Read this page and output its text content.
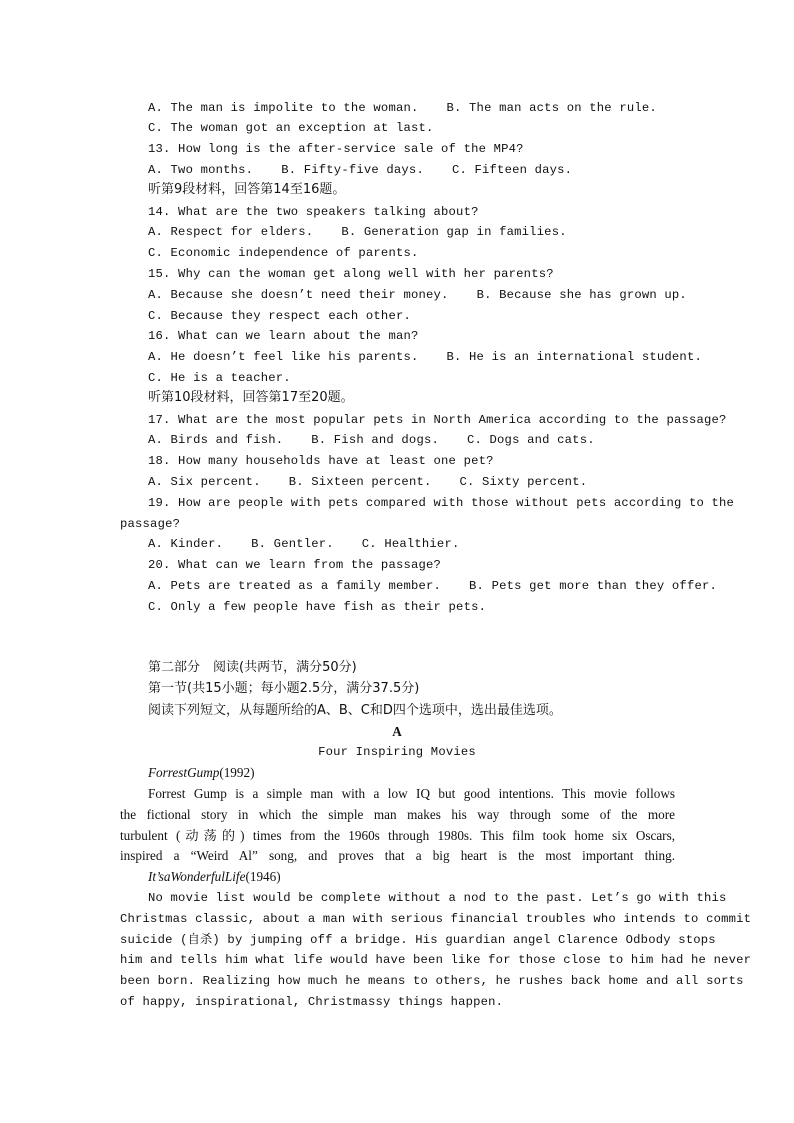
A. The man is impolite to the woman. B. The man acts on the rule.
C. The woman got an exception at last.
13. How long is the after-service sale of the MP4?
A. Two months. B. Fifty-five days. C. Fifteen days.
听第9段材料，回答第14至16题。
14. What are the two speakers talking about?
A. Respect for elders. B. Generation gap in families.
C. Economic independence of parents.
15. Why can the woman get along well with her parents?
A. Because she doesn’t need their money. B. Because she has grown up.
C. Because they respect each other.
16. What can we learn about the man?
A. He doesn’t feel like his parents. B. He is an international student.
C. He is a teacher.
听第10段材料，回答第17至20题。
17. What are the most popular pets in North America according to the passage?
A. Birds and fish. B. Fish and dogs. C. Dogs and cats.
18. How many households have at least one pet?
A. Six percent. B. Sixteen percent. C. Sixty percent.
19. How are people with pets compared with those without pets according to the
passage?
A. Kinder. B. Gentler. C. Healthier.
20. What can we learn from the passage?
A. Pets are treated as a family member. B. Pets get more than they offer.
C. Only a few people have fish as their pets.
第二部分　阅读(共两节，满分50分)
第一节(共15小题；每小题2.5分，满分37.5分)
阅读下列短文，从每题所给的A、B、C和D四个选项中，选出最佳选项。
A
Four Inspiring Movies
ForrestGump(1992)
Forrest Gump is a simple man with a low IQ but good intentions. This movie follows
the fictional story in which the simple man makes his way through some of the more
turbulent (动荡的) times from the 1960s through 1980s. This film took home six Oscars,
inspired a “Weird Al” song, and proves that a big heart is the most important thing.
It’saWonderfulLife(1946)
No movie list would be complete without a nod to the past. Let’s go with this
Christmas classic, about a man with serious financial troubles who intends to commit
suicide (自杀) by jumping off a bridge. His guardian angel Clarence Odbody stops
him and tells him what life would have been like for those close to him had he never
been born. Realizing how much he means to others, he rushes back home and all sorts
of happy, inspirational, Christmassy things happen.
